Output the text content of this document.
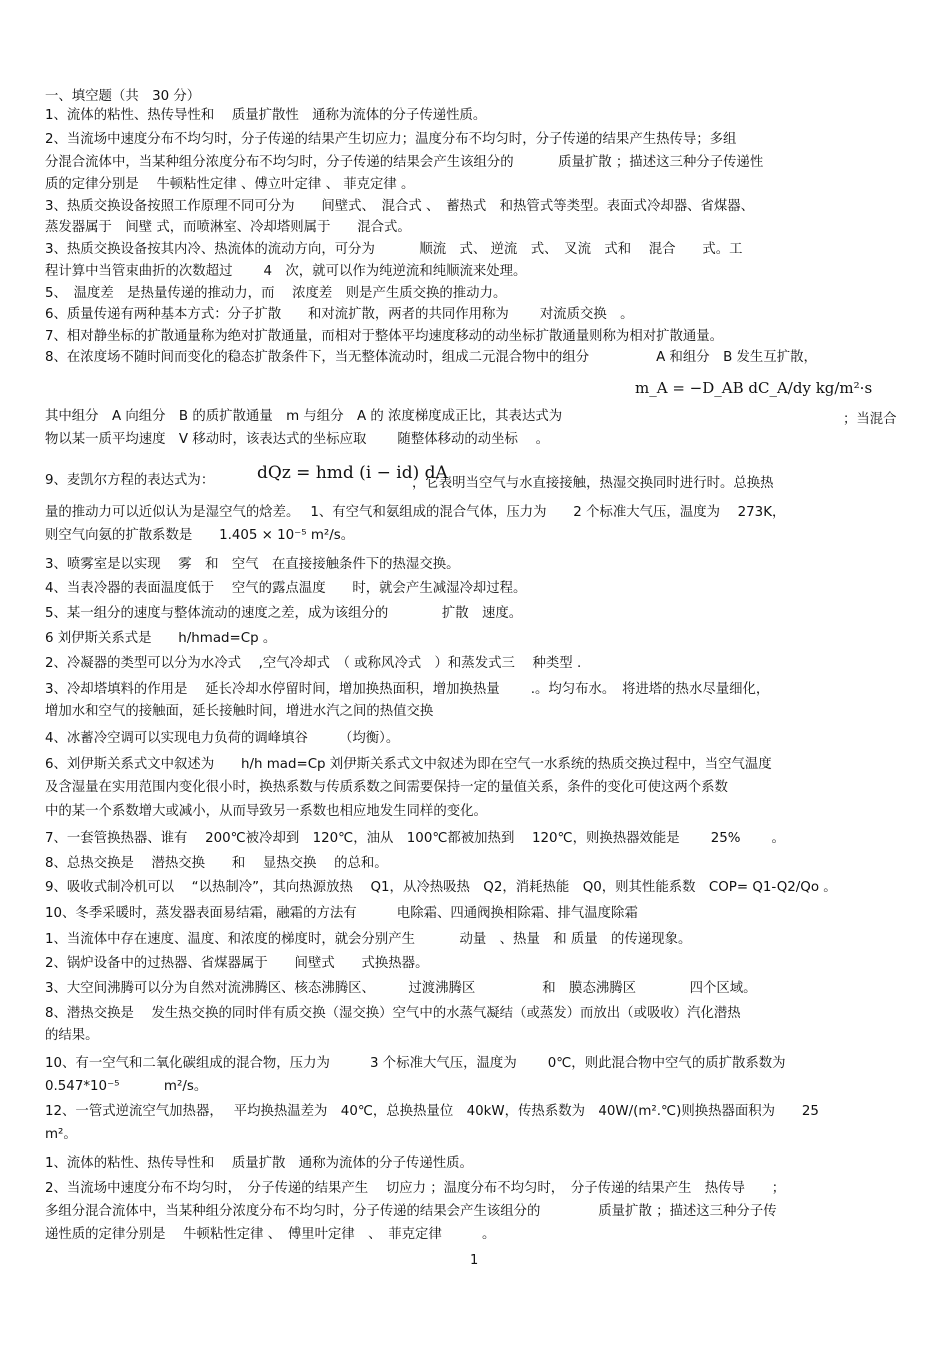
一、填空题（共　30 分）
1、流体的粘性、热传导性和　 质量扩散性　通称为流体的分子传递性质。
2、当流场中速度分布不均匀时，分子传递的结果产生切应力；温度分布不均匀时，分子传递的结果产生热传导；多组
分混合流体中，当某种组分浓度分布不均匀时，分子传递的结果会产生该组分的　　　 质量扩散 ；描述这三种分子传递性
质的定律分别是　 牛顿粘性定律 、傅立叶定律 、 菲克定律 。
3、热质交换设备按照工作原理不同可分为　　间壁式、　混合式 、　蓄热式　和热管式等类型。表面式冷却器、省煤器、
蒸发器属于　间壁 式，而喷淋室、冷却塔则属于　　混合式。
3、热质交换设备按其内冷、热流体的流动方向，可分为　　　 顺流　式、 逆流　式、　叉流　式和　 混合　　式。工
程计算中当管束曲折的次数超过　　 4　次，就可以作为纯逆流和纯顺流来处理。
5、　温度差　是热量传递的推动力，而　 浓度差　则是产生质交换的推动力。
6、质量传递有两种基本方式：分子扩散　　和对流扩散，两者的共同作用称为　　 对流质交换　。
7、相对静坐标的扩散通量称为绝对扩散通量，而相对于整体平均速度移动的动坐标扩散通量则称为相对扩散通量。
8、在浓度场不随时间而变化的稳态扩散条件下，当无整体流动时，组成二元混合物中的组分　　　　　A 和组分　B 发生互扩散，
m_A = −D_AB dC_A/dy kg/m²·s
其中组分　A 向组分　B 的质扩散通量　m 与组分　A 的 浓度梯度成正比，其表达式为	；当混合
物以某一质平均速度　V 移动时，该表达式的坐标应取　　 随整体移动的动坐标　 。
9、麦凯尔方程的表达式为：	dQz = hmd (i − id) dA
，它表明当空气与水直接接触，热湿交换同时进行时。总换热
量的推动力可以近似认为是湿空气的焓差。　 1、有空气和氨组成的混合气体，压力为　　2 个标准大气压，温度为　 273K，
则空气向氨的扩散系数是　　1.405 × 10⁻⁵ m²/s。
3、喷雾室是以实现　 雾　和　空气　在直接接触条件下的热湿交换。
4、当表冷器的表面温度低于　 空气的露点温度　　时，就会产生减湿冷却过程。
5、某一组分的速度与整体流动的速度之差，成为该组分的　　　　扩散　速度。
6 刘伊斯关系式是　　h/hmad=Cp 。
2、冷凝器的类型可以分为水冷式　 ,空气冷却式　（ 或称风冷式　）和蒸发式三　 种类型 .
3、冷却塔填料的作用是　 延长冷却水停留时间，增加换热面积，增加换热量　　 .。均匀布水。　将进塔的热水尽量细化，
增加水和空气的接触面，延长接触时间，增进水汽之间的热值交换
4、冰蓄冷空调可以实现电力负荷的调峰填谷　　 （均衡）。
6、刘伊斯关系式文中叙述为　　h/h mad=Cp 刘伊斯关系式文中叙述为即在空气一水系统的热质交换过程中，当空气温度
及含湿量在实用范围内变化很小时，换热系数与传质系数之间需要保持一定的量值关系，条件的变化可使这两个系数
中的某一个系数增大或减小，从而导致另一系数也相应地发生同样的变化。
7、一套管换热器、谁有　 200℃被冷却到　120℃，油从　100℃都被加热到　 120℃，则换热器效能是　　 25%　　 。
8、总热交换是　 潜热交换　　和　 显热交换　 的总和。
9、吸收式制冷机可以　 “以热制冷”，其向热源放热　 Q1，从冷热吸热　Q2，消耗热能　Q0，则其性能系数　COP= Q1-Q2/Qo 。
10、冬季采暖时，蒸发器表面易结霜，融霜的方法有　　　电除霜、四通阀换相除霜、排气温度除霜
1、当流体中存在速度、温度、和浓度的梯度时，就会分别产生　　　 动量　、热量　和 质量　的传递现象。
2、锅炉设备中的过热器、省煤器属于　　间壁式　　式换热器。
3、大空间沸腾可以分为自然对流沸腾区、核态沸腾区、　　　过渡沸腾区　　　　　和　膜态沸腾区　　　　四个区域。
8、潜热交换是　 发生热交换的同时伴有质交换（湿交换）空气中的水蒸气凝结（或蒸发）而放出（或吸收）汽化潜热
的结果。
10、有一空气和二氧化碳组成的混合物，压力为　　　3 个标准大气压，温度为　　 0℃，则此混合物中空气的质扩散系数为
0.547*10⁻⁵　　　 m²/s。
12、一管式逆流空气加热器，　 平均换热温差为　40℃，总换热量位　40kW，传热系数为　40W/(m².℃)则换热器面积为　　25
m²。
1、流体的粘性、热传导性和　 质量扩散　通称为流体的分子传递性质。
2、当流场中速度分布不均匀时，　分子传递的结果产生　 切应力 ；温度分布不均匀时，　分子传递的结果产生　热传导　　；
多组分混合流体中，当某种组分浓度分布不均匀时，分子传递的结果会产生该组分的　　　　 质量扩散 ；描述这三种分子传
递性质的定律分别是　 牛顿粘性定律 、　傅里叶定律　、　菲克定律　　　。
1
